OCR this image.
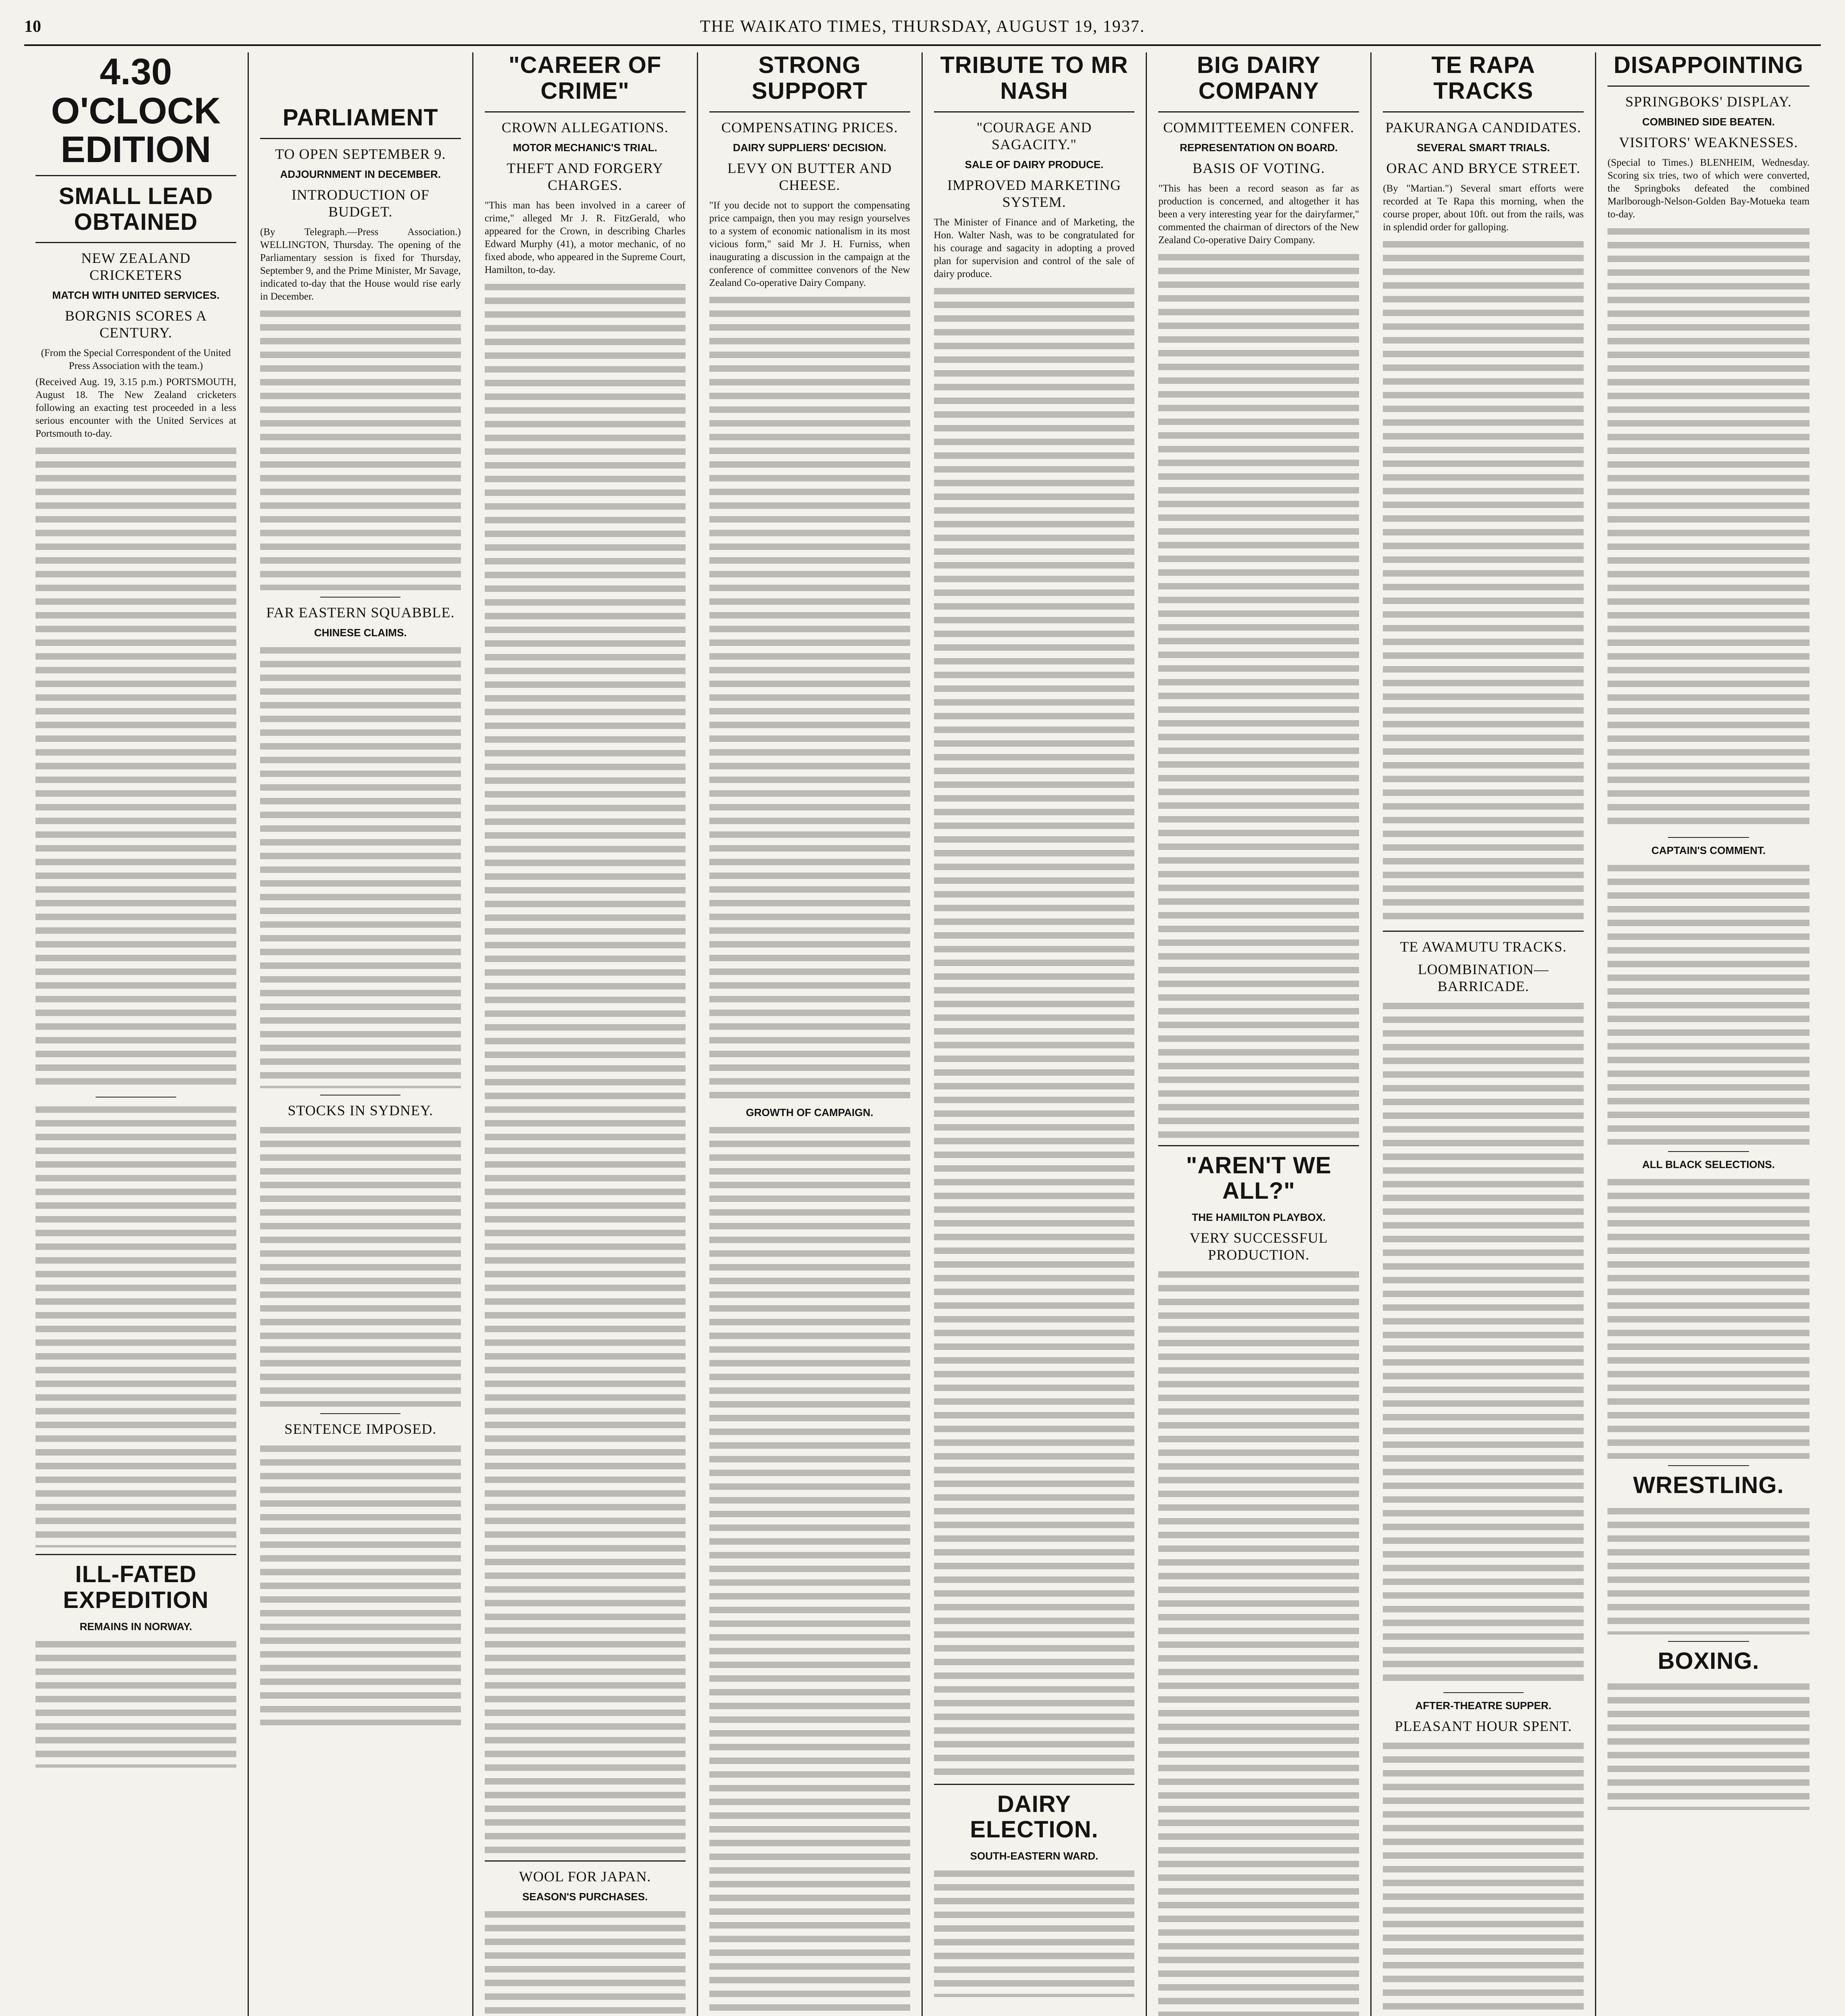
10	THE WAIKATO TIMES, THURSDAY, AUGUST 19, 1937.
4.30 O'CLOCK EDITION
SMALL LEAD OBTAINED
NEW ZEALAND CRICKETERS
MATCH WITH UNITED SERVICES.
BORGNIS SCORES A CENTURY.

(From the Special Correspondent of the United Press Association with the team.)

(Received Aug. 19, 3.15 p.m.) PORTSMOUTH, August 18. The New Zealand cricketers following an exacting test proceeded in a less serious encounter with the United Services at Portsmouth to-day.

ILL-FATED EXPEDITION
REMAINS IN NORWAY.
PARLIAMENT
TO OPEN SEPTEMBER 9.
ADJOURNMENT IN DECEMBER.
INTRODUCTION OF BUDGET.

(By Telegraph.—Press Association.) WELLINGTON, Thursday. The opening of the Parliamentary session is fixed for Thursday, September 9, and the Prime Minister, Mr Savage, indicated to-day that the House would rise early in December.

FAR EASTERN SQUABBLE.
CHINESE CLAIMS.
STOCKS IN SYDNEY.
SENTENCE IMPOSED.
"CAREER OF CRIME"
CROWN ALLEGATIONS.
MOTOR MECHANIC'S TRIAL.
THEFT AND FORGERY CHARGES.

"This man has been involved in a career of crime," alleged Mr J. R. FitzGerald, who appeared for the Crown, in describing Charles Edward Murphy (41), a motor mechanic, of no fixed abode, who appeared in the Supreme Court, Hamilton, to-day.

WOOL FOR JAPAN.
SEASON'S PURCHASES.
STRONG SUPPORT
COMPENSATING PRICES.
DAIRY SUPPLIERS' DECISION.
LEVY ON BUTTER AND CHEESE.

"If you decide not to support the compensating price campaign, then you may resign yourselves to a system of economic nationalism in its most vicious form," said Mr J. H. Furniss, when inaugurating a discussion in the campaign at the conference of committee convenors of the New Zealand Co-operative Dairy Company.

GROWTH OF CAMPAIGN.
TRIBUTE TO MR NASH
"COURAGE AND SAGACITY."
SALE OF DAIRY PRODUCE.
IMPROVED MARKETING SYSTEM.

The Minister of Finance and of Marketing, the Hon. Walter Nash, was to be congratulated for his courage and sagacity in adopting a proved plan for supervision and control of the sale of dairy produce.

DAIRY ELECTION.
SOUTH-EASTERN WARD.
BIG DAIRY COMPANY
COMMITTEEMEN CONFER.
REPRESENTATION ON BOARD.
BASIS OF VOTING.

"This has been a record season as far as production is concerned, and altogether it has been a very interesting year for the dairyfarmer," commented the chairman of directors of the New Zealand Co-operative Dairy Company.

"AREN'T WE ALL?"
THE HAMILTON PLAYBOX.
VERY SUCCESSFUL PRODUCTION.
TE RAPA TRACKS
PAKURANGA CANDIDATES.
SEVERAL SMART TRIALS.
ORAC AND BRYCE STREET.

(By "Martian.") Several smart efforts were recorded at Te Rapa this morning, when the course proper, about 10ft. out from the rails, was in splendid order for galloping.

TE AWAMUTU TRACKS.
LOOMBINATION—BARRICADE.
AFTER-THEATRE SUPPER.
PLEASANT HOUR SPENT.
DISAPPOINTING
SPRINGBOKS' DISPLAY.
COMBINED SIDE BEATEN.
VISITORS' WEAKNESSES.

(Special to Times.) BLENHEIM, Wednesday. Scoring six tries, two of which were converted, the Springboks defeated the combined Marlborough-Nelson-Golden Bay-Motueka team to-day.

CAPTAIN'S COMMENT.
ALL BLACK SELECTIONS.
WRESTLING.
BOXING.
